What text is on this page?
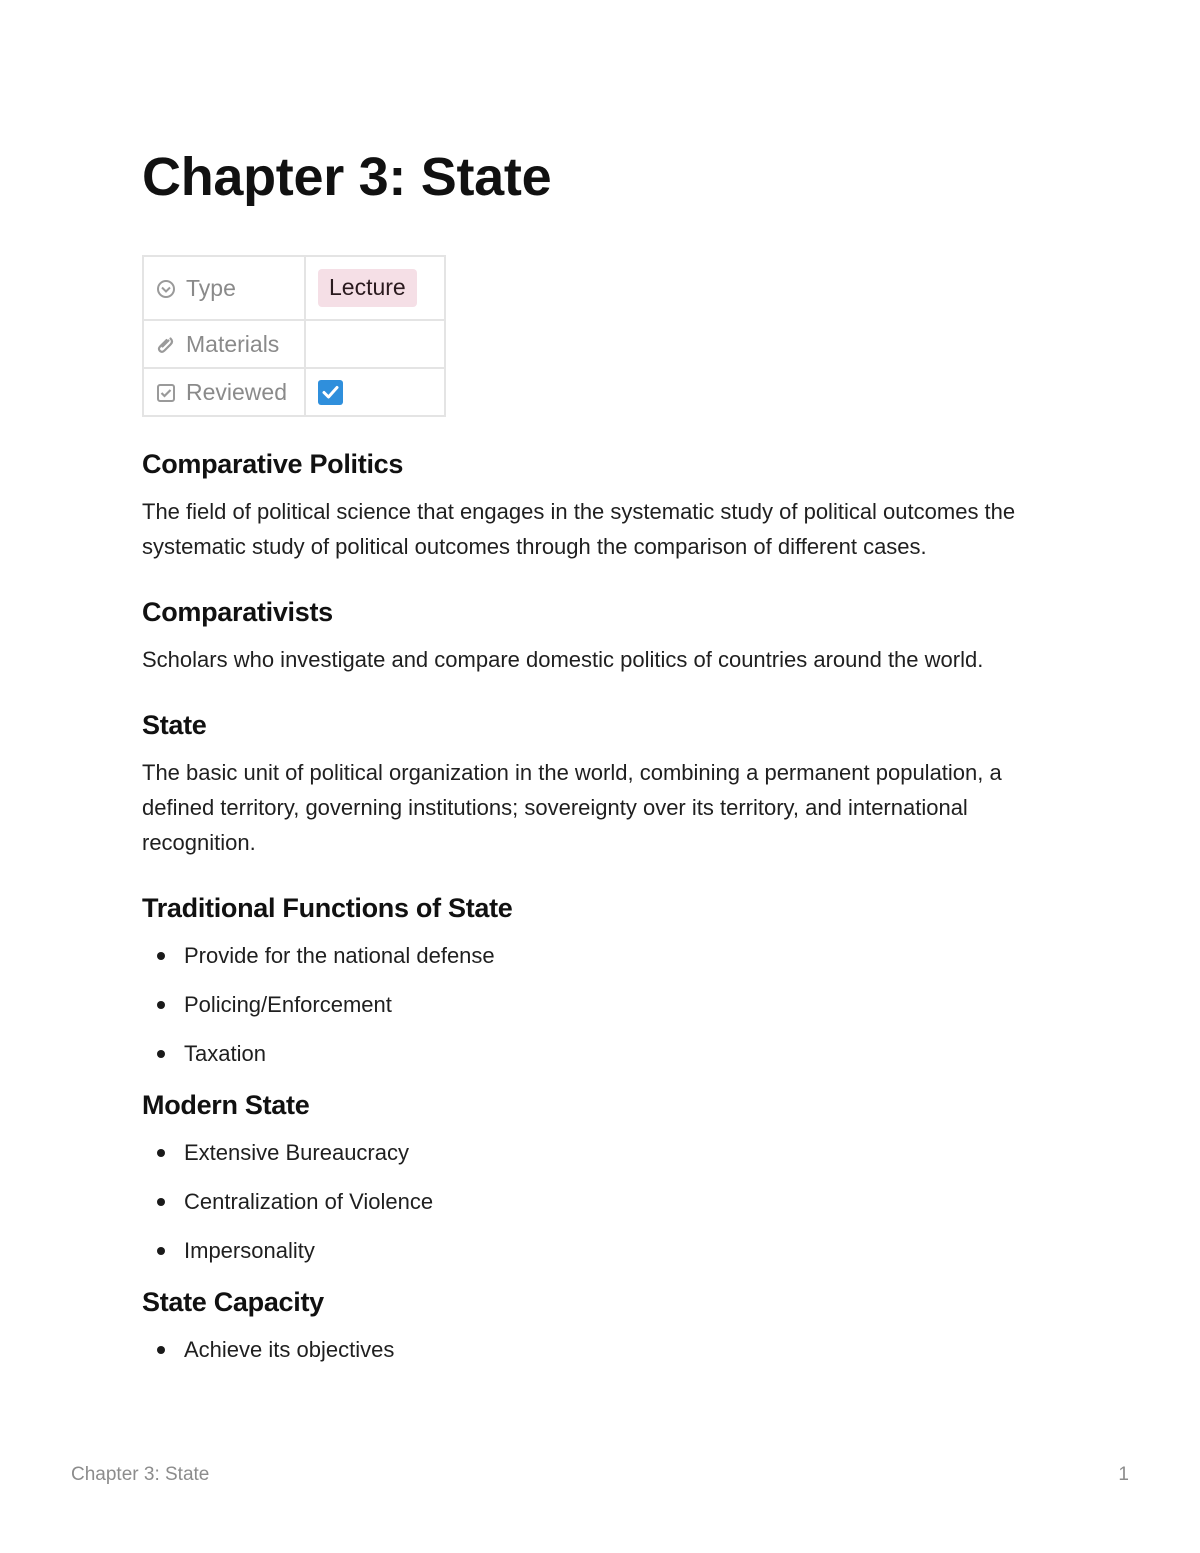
Chapter 3: State
Type	Lecture
Materials	
Reviewed	
Comparative Politics

The field of political science that engages in the systematic study of political outcomes the systematic study of political outcomes through the comparison of different cases.

Comparativists

Scholars who investigate and compare domestic politics of countries around the world.

State

The basic unit of political organization in the world, combining a permanent population, a defined territory, governing institutions; sovereignty over its territory, and international recognition.

Traditional Functions of State
Provide for the national defense
Policing/Enforcement
Taxation
Modern State
Extensive Bureaucracy
Centralization of Violence
Impersonality
State Capacity
Achieve its objectives
Chapter 3: State	1
